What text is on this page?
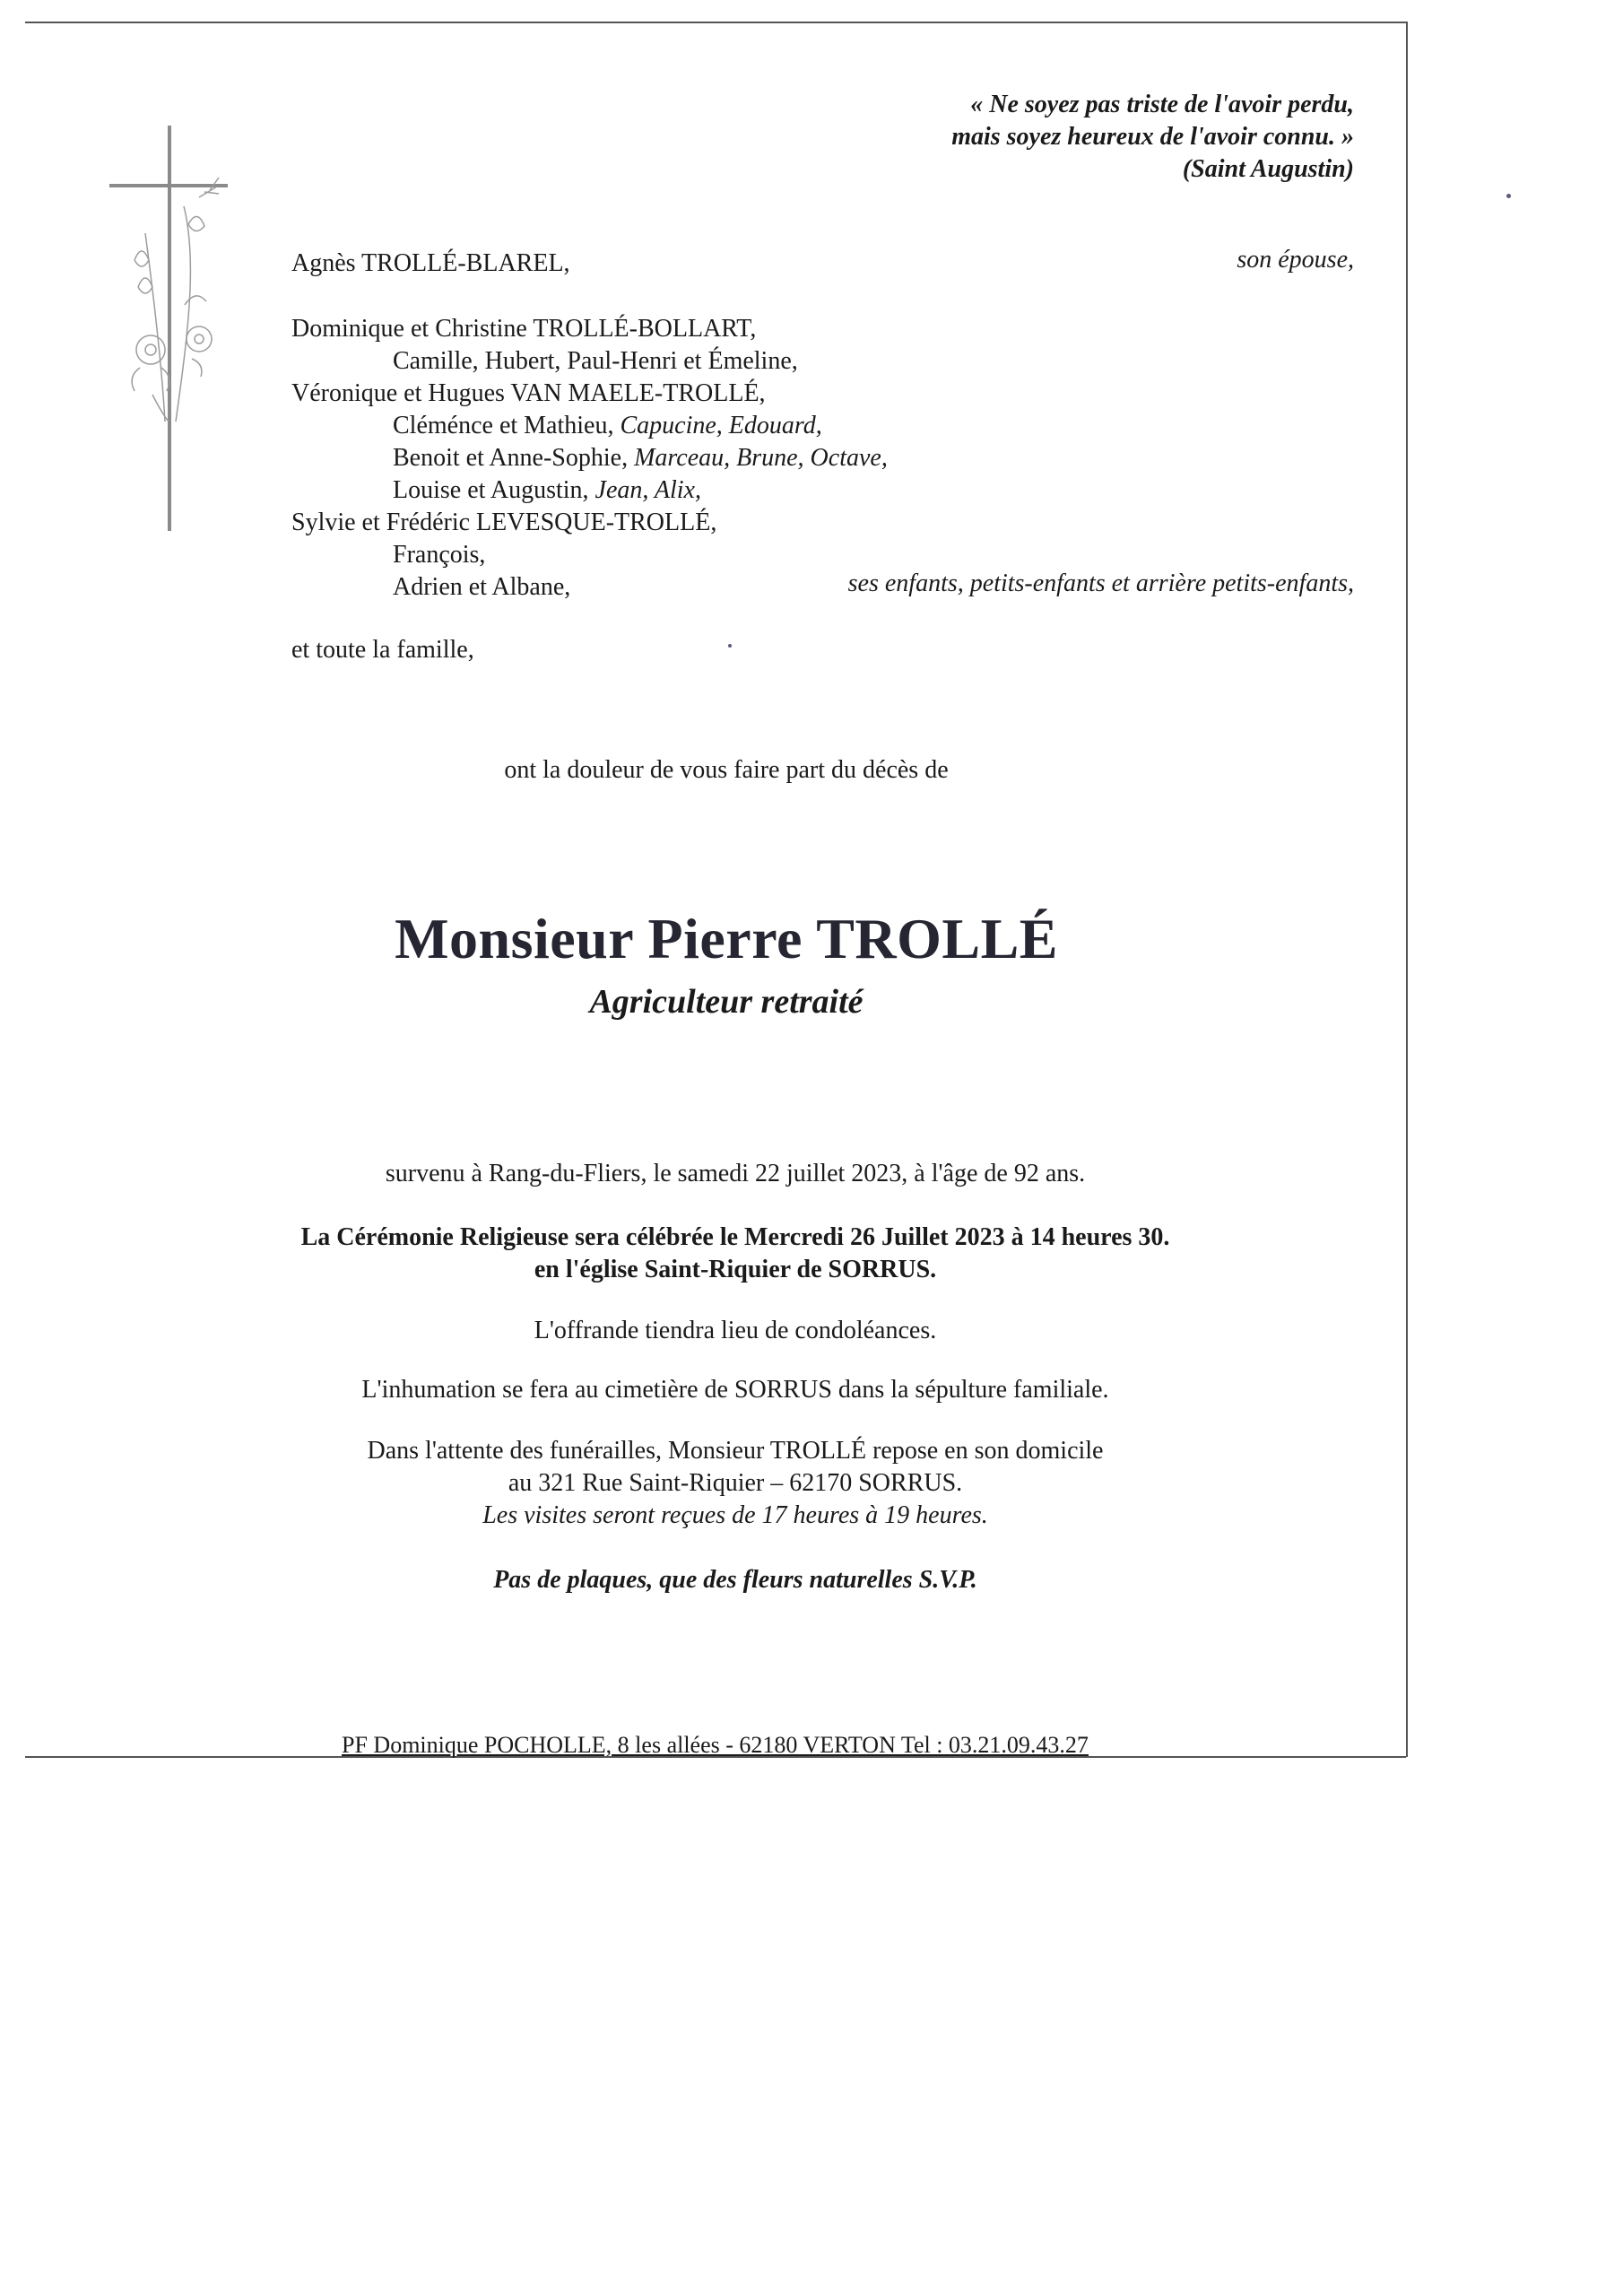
« Ne soyez pas triste de l'avoir perdu,
mais soyez heureux de l'avoir connu. »
(Saint Augustin)
Agnès TROLLÉ-BLAREL,	son épouse,
Dominique et Christine TROLLÉ-BOLLART,
Camille, Hubert, Paul-Henri et Émeline,
Véronique et Hugues VAN MAELE-TROLLÉ,
Cléménce et Mathieu, Capucine, Edouard,
Benoit et Anne-Sophie, Marceau, Brune, Octave,
Louise et Augustin, Jean, Alix,
Sylvie et Frédéric LEVESQUE-TROLLÉ,
François,
Adrien et Albane,	ses enfants, petits-enfants et arrière petits-enfants,
et toute la famille,
ont la douleur de vous faire part du décès de
Monsieur Pierre TROLLÉ
Agriculteur retraité
survenu à Rang-du-Fliers, le samedi 22 juillet 2023, à l'âge de 92 ans.
La Cérémonie Religieuse sera célébrée le Mercredi 26 Juillet 2023 à 14 heures 30.
en l'église Saint-Riquier de SORRUS.
L'offrande tiendra lieu de condoléances.
L'inhumation se fera au cimetière de SORRUS dans la sépulture familiale.
Dans l'attente des funérailles, Monsieur TROLLÉ repose en son domicile
au 321 Rue Saint-Riquier – 62170 SORRUS.
Les visites seront reçues de 17 heures à 19 heures.
Pas de plaques, que des fleurs naturelles S.V.P.
PF Dominique POCHOLLE, 8 les allées - 62180 VERTON Tel : 03.21.09.43.27
